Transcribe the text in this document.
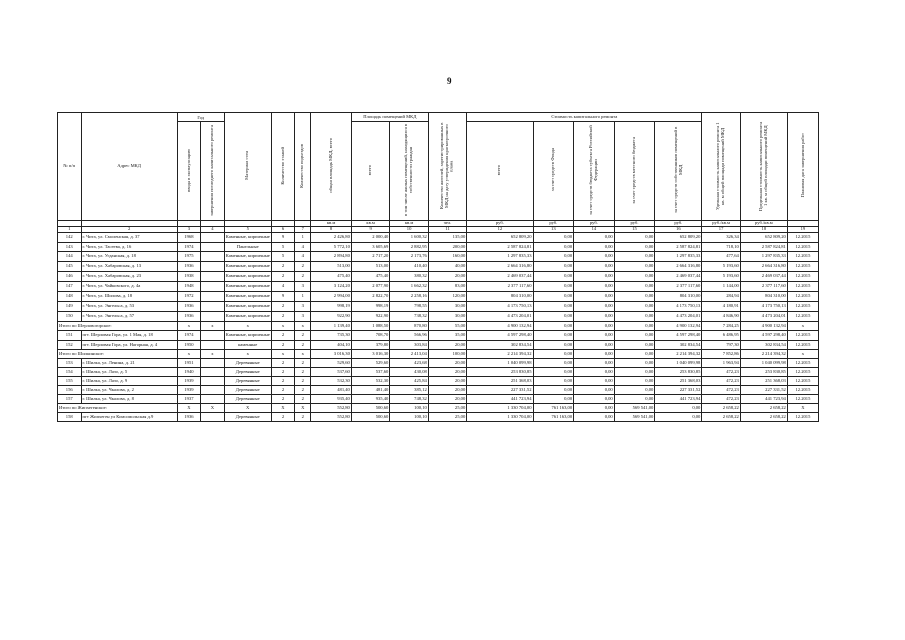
9
№ п/п	Адрес МКД	Год		Материал стен	Количество этажей	Количество подъездов	общая площадь МКД, всего	Площадь помещений МКД		Количество жителей, зарегистрированных в МКД на дату утверждения краткосрочного плана	Стоимость капитального ремонта					Удельная стоимость капитального ремонта 1 кв. м общей площади помещений МКД	Предельная стоимость капитального ремонта 1 кв. м общей площади помещений МКД	Плановая дата завершения работ
		ввода в эксплуатацию	завершения последнего капитального ремонта					всего	в том числе жилых помещений, находящихся в собственности граждан		всего	за счет средств Фонда	за счет средств бюджета субъекта Российской Федерации	за счет средств местного бюджета	за счет средств собственников помещений в МКД			
							кв.м	кв.м	кв.м	чел.	руб.	руб.	руб.	руб.	руб.	руб./кв.м	руб./кв.м	
1	2	3	4	5	6	7	8	9	10	11	12	13	14	15	16	17	18	19
142	г. Чита, ул. Смоленская, д. 37	1968		Каменные, кирпичные	9	1	2 426,80	2 000,40	1 600,32	135,00	652 809,20	0,00	0,00	0,00	652 809,20	326,34	652 809,20	12.2015
143	г. Чита, ул. Тасеева, д. 16	1974		Панельные	5	4	5 772,10	3 605,69	2 882,95	200,00	2 587 824,81	0,00	0,00	0,00	2 587 824,81	718,10	2 587 824,81	12.2015
144	г. Чита, ул. Угданская, д. 18	1975		Каменные, кирпичные	5	4	2 894,80	2 717,20	2 173,76	160,00	1 297 835,33	0,00	0,00	0,00	1 297 835,33	477,64	1 297 835,33	12.2015
145	г. Чита, ул. Хабаровская, д. 13	1936		Каменные, кирпичные	2	2	513,00	513,00	410,40	40,00	2 664 316,80	0,00	0,00	0,00	2 664 316,80	5 193,60	2 664 316,80	12.2015
146	г. Чита, ул. Хабаровская, д. 23	1938		Каменные, кирпичные	2	2	475,40	475,40	380,32	20,00	2 469 037,44	0,00	0,00	0,00	2 469 037,44	5 193,60	2 469 037,44	12.2015
147	г. Чита, ул. Чайковского, д. 4а	1948		Каменные, кирпичные	4	3	3 124,20	2 077,90	1 662,32	83,00	2 377 117,60	0,00	0,00	0,00	2 377 117,60	1 144,00	2 377 117,60	12.2015
148	г. Чита, ул. Шилова, д. 18	1972		Каменные, кирпичные	9	1	2 994,00	2 822,70	2 258,16	120,00	804 310,00	0,00	0,00	0,00	804 310,00	284,94	804 310,00	12.2015
149	г. Чита, ул. Энгельса, д. 53	1936		Каменные, кирпичные	2	3	998,19	998,19	798,55	30,00	4 173 750,13	0,00	0,00	0,00	4 173 750,13	4 180,91	4 173 750,13	12.2015
150	г. Чита, ул. Энгельса, д. 57	1936		Каменные, кирпичные	2	3	922,90	922,90	738,32	30,00	4 473 204,01	0,00	0,00	0,00	4 473 204,01	4 846,90	4 473 204,01	12.2015
Итого по Шерловогорское:		х	х	х	х	х	1 139,40	1 088,50	870,80	55,00	4 900 132,94	0,00	0,00	0,00	4 900 132,94	7 284,25	4 900 132,94	х
151	пгт. Шерловая Гора, ул. 1 Мая, д. 18	1974		Каменные, кирпичные	2	2	735,30	708,70	566,96	35,00	4 597 298,40	0,00	0,00	0,00	4 597 298,40	6 486,95	4 597 298,40	12.2015
152	пгт. Шерловая Гора, ул. Нагорная, д. 4	1950		каменные	2	2	404,10	379,80	303,84	20,00	302 834,54	0,00	0,00	0,00	302 834,54	797,30	302 834,54	12.2015
Итого по Шилкинское:		х	х	х	х	х	3 016,30	3 016,30	2 413,04	100,00	2 214 394,32	0,00	0,00	0,00	2 214 394,32	7 852,86	2 214 394,32	х
153	г. Шилка, ул. Ленина, д. 21	1951		Деревянные	2	2	529,60	529,60	423,68	20,00	1 040 099,98	0,00	0,00	0,00	1 040 099,98	1 963,94	1 040 099,98	12.2015
154	г. Шилка, ул. Лазо, д. 5	1940		Деревянные	2	2	537,60	537,60	430,08	20,00	253 830,85	0,00	0,00	0,00	253 830,85	472,23	253 830,85	12.2015
155	г. Шилка, ул. Лазо, д. 9	1939		Деревянные	2	2	532,30	532,30	425,84	20,00	251 368,03	0,00	0,00	0,00	251 368,03	472,23	251 368,03	12.2015
156	г. Шилка, ул. Чкалова, д. 2	1939		Деревянные	2	2	481,40	481,40	385,12	20,00	227 331,52	0,00	0,00	0,00	227 331,52	472,23	227 331,52	12.2015
157	г. Шилка, ул. Чкалова, д. 8	1937		Деревянные	2	2	935,40	935,40	748,32	20,00	441 723,94	0,00	0,00	0,00	441 723,94	472,23	441 723,94	12.2015
Итого по Жипхегенское:		Х	Х	Х	Х	Х	552,80	500,60	100,10	25,00	1 330 704,00	761 163,00	0,00	569 541,00	0,00	2 658,22	2 658,22	Х
158	пгт Жипхеген ул Комсомольская д.9	1936		Деревянные	2	2	552,80	500,60	100,10	25,00	1 330 704,00	761 163,00	0,00	569 541,00	0,00	2 658,22	2 658,22	12.2015
